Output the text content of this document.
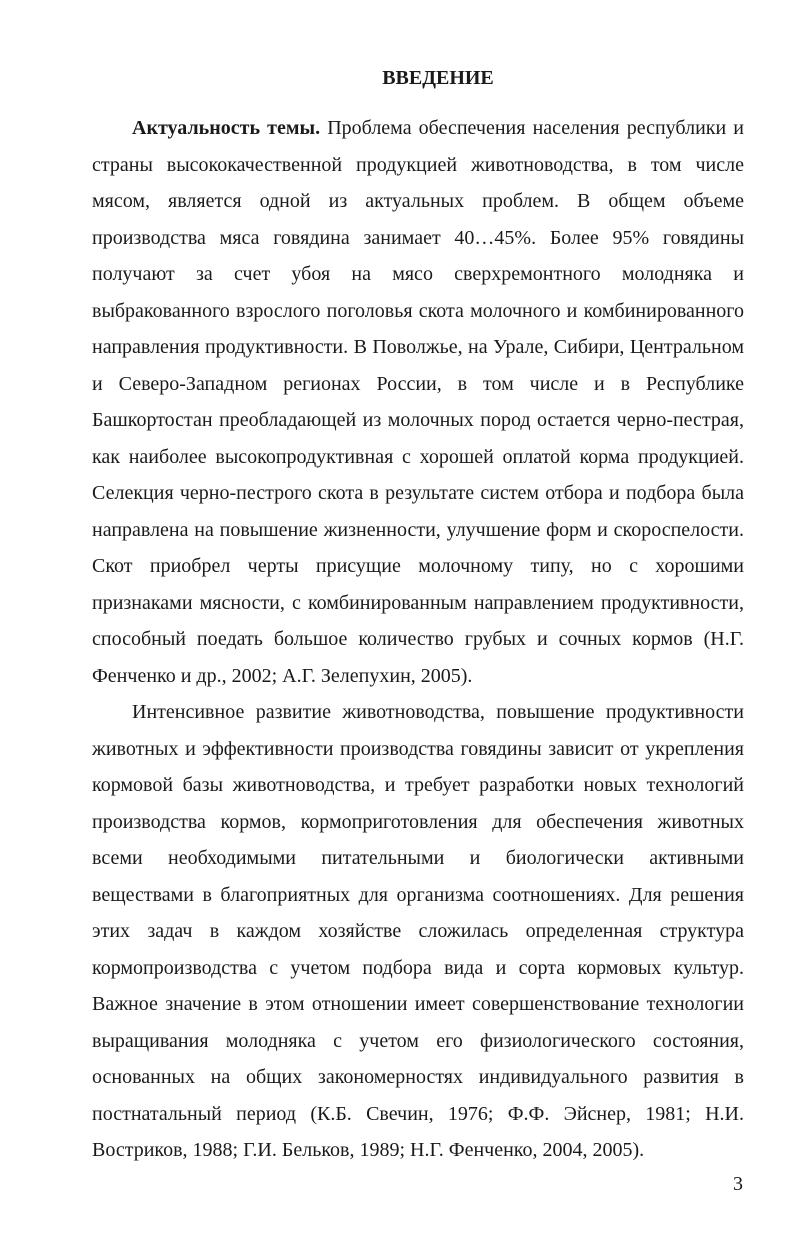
ВВЕДЕНИЕ

Актуальность темы. Проблема обеспечения населения республики и страны высококачественной продукцией животноводства, в том числе мясом, является одной из актуальных проблем. В общем объеме производства мяса говядина занимает 40…45%. Более 95% говядины получают за счет убоя на мясо сверхремонтного молодняка и выбракованного взрослого поголовья скота молочного и комбинированного направления продуктивности. В Поволжье, на Урале, Сибири, Центральном и Северо-Западном регионах России, в том числе и в Республике Башкортостан преобладающей из молочных пород остается черно-пестрая, как наиболее высокопродуктивная с хорошей оплатой корма продукцией. Селекция черно-пестрого скота в результате систем отбора и подбора была направлена на повышение жизненности, улучшение форм и скороспелости. Скот приобрел черты присущие молочному типу, но с хорошими признаками мясности, с комбинированным направлением продуктивности, способный поедать большое количество грубых и сочных кормов (Н.Г. Фенченко и др., 2002; А.Г. Зелепухин, 2005).

Интенсивное развитие животноводства, повышение продуктивности животных и эффективности производства говядины зависит от укрепления кормовой базы животноводства, и требует разработки новых технологий производства кормов, кормоприготовления для обеспечения животных всеми необходимыми питательными и биологически активными веществами в благоприятных для организма соотношениях. Для решения этих задач в каждом хозяйстве сложилась определенная структура кормопроизводства с учетом подбора вида и сорта кормовых культур. Важное значение в этом отношении имеет совершенствование технологии выращивания молодняка с учетом его физиологического состояния, основанных на общих закономерностях индивидуального развития в постнатальный период (К.Б. Свечин, 1976; Ф.Ф. Эйснер, 1981; Н.И. Востриков, 1988; Г.И. Бельков, 1989; Н.Г. Фенченко, 2004, 2005).

3
